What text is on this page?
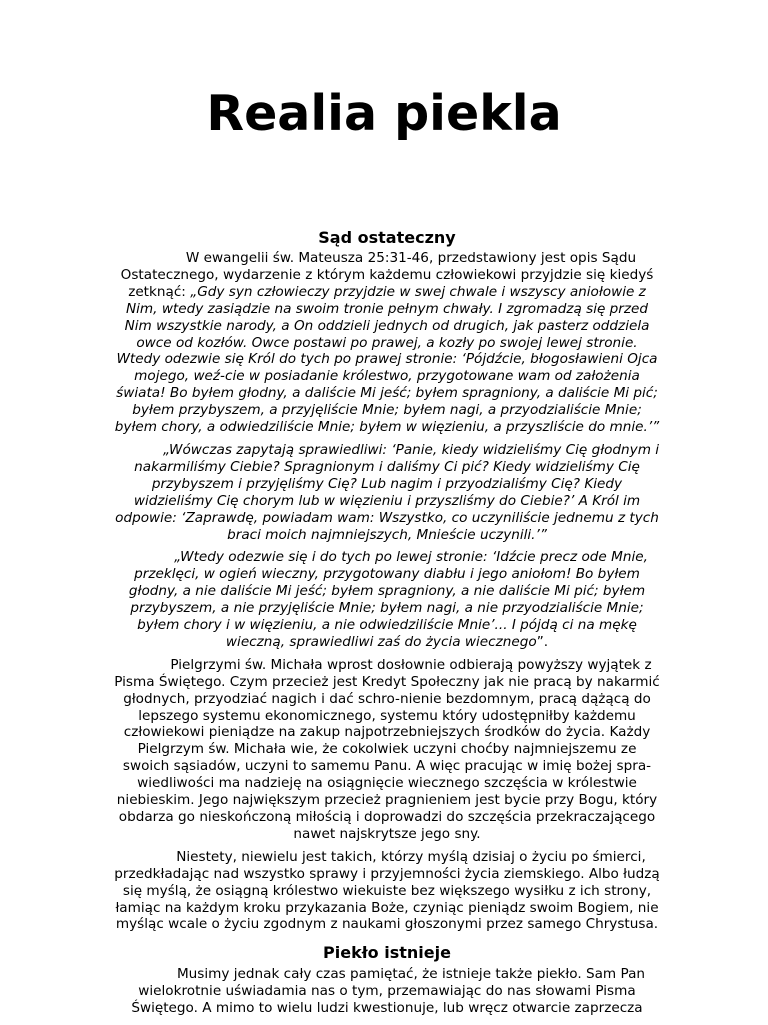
Realia piekla
Sąd ostateczny

W ewangelii św. Mateusza 25:31-46, przedstawiony jest opis Sądu Ostatecznego, wydarzenie z którym każdemu człowiekowi przyjdzie się kiedyś zetknąć: „Gdy syn człowieczy przyjdzie w swej chwale i wszyscy aniołowie z Nim, wtedy zasiądzie na swoim tronie pełnym chwały. I zgromadzą się przed Nim wszystkie narody, a On oddzieli jednych od drugich, jak pasterz oddziela owce od kozłów. Owce postawi po prawej, a kozły po swojej lewej stronie. Wtedy odezwie się Król do tych po prawej stronie: ‘Pójdźcie, błogosławieni Ojca mojego, weź-cie w posiadanie królestwo, przygotowane wam od założenia świata! Bo byłem głodny, a daliście Mi jeść; byłem spragniony, a daliście Mi pić; byłem przybyszem, a przyjęliście Mnie; byłem nagi, a przyodzialiście Mnie; byłem chory, a odwiedziliście Mnie; byłem w więzieniu, a przyszliście do mnie.’”

„Wówczas zapytają sprawiedliwi: ‘Panie, kiedy widzieliśmy Cię głodnym i nakarmiliśmy Ciebie? Spragnionym i daliśmy Ci pić? Kiedy widzieliśmy Cię przybyszem i przyjęliśmy Cię? Lub nagim i przyodzialiśmy Cię? Kiedy widzieliśmy Cię chorym lub w więzieniu i przyszliśmy do Ciebie?’ A Król im odpowie: ‘Zaprawdę, powiadam wam: Wszystko, co uczyniliście jednemu z tych braci moich najmniejszych, Mnieście uczynili.’”

„Wtedy odezwie się i do tych po lewej stronie: ‘Idźcie precz ode Mnie, przeklęci, w ogień wieczny, przygotowany diabłu i jego aniołom! Bo byłem głodny, a nie daliście Mi jeść; byłem spragniony, a nie daliście Mi pić; byłem przybyszem, a nie przyjęliście Mnie; byłem nagi, a nie przyodzialiście Mnie; byłem chory i w więzieniu, a nie odwiedziliście Mnie’... I pójdą ci na mękę wieczną, sprawiedliwi zaś do życia wiecznego”.

Pielgrzymi św. Michała wprost dosłownie odbierają powyższy wyjątek z Pisma Świętego. Czym przecież jest Kredyt Społeczny jak nie pracą by nakarmić głodnych, przyodziać nagich i dać schro-nienie bezdomnym, pracą dążącą do lepszego systemu ekonomicznego, systemu który udostępniłby każdemu człowiekowi pieniądze na zakup najpotrzebniejszych środków do życia. Każdy Pielgrzym św. Michała wie, że cokolwiek uczyni choćby najmniejszemu ze swoich sąsiadów, uczyni to samemu Panu. A więc pracując w imię bożej spra-wiedliwości ma nadzieję na osiągnięcie wiecznego szczęścia w królestwie niebieskim. Jego największym przecież pragnieniem jest bycie przy Bogu, który obdarza go nieskończoną miłością i doprowadzi do szczęścia przekraczającego nawet najskrytsze jego sny.

Niestety, niewielu jest takich, którzy myślą dzisiaj o życiu po śmierci, przedkładając nad wszystko sprawy i przyjemności życia ziemskiego. Albo łudzą się myślą, że osiągną królestwo wiekuiste bez większego wysiłku z ich strony, łamiąc na każdym kroku przykazania Boże, czyniąc pieniądz swoim Bogiem, nie myśląc wcale o życiu zgodnym z naukami głoszonymi przez samego Chrystusa.

Piekło istnieje

Musimy jednak cały czas pamiętać, że istnieje także piekło. Sam Pan wielokrotnie uświadamia nas o tym, przemawiając do nas słowami Pisma Świętego. A mimo to wielu ludzi kwestionuje, lub wręcz otwarcie zaprzecza
